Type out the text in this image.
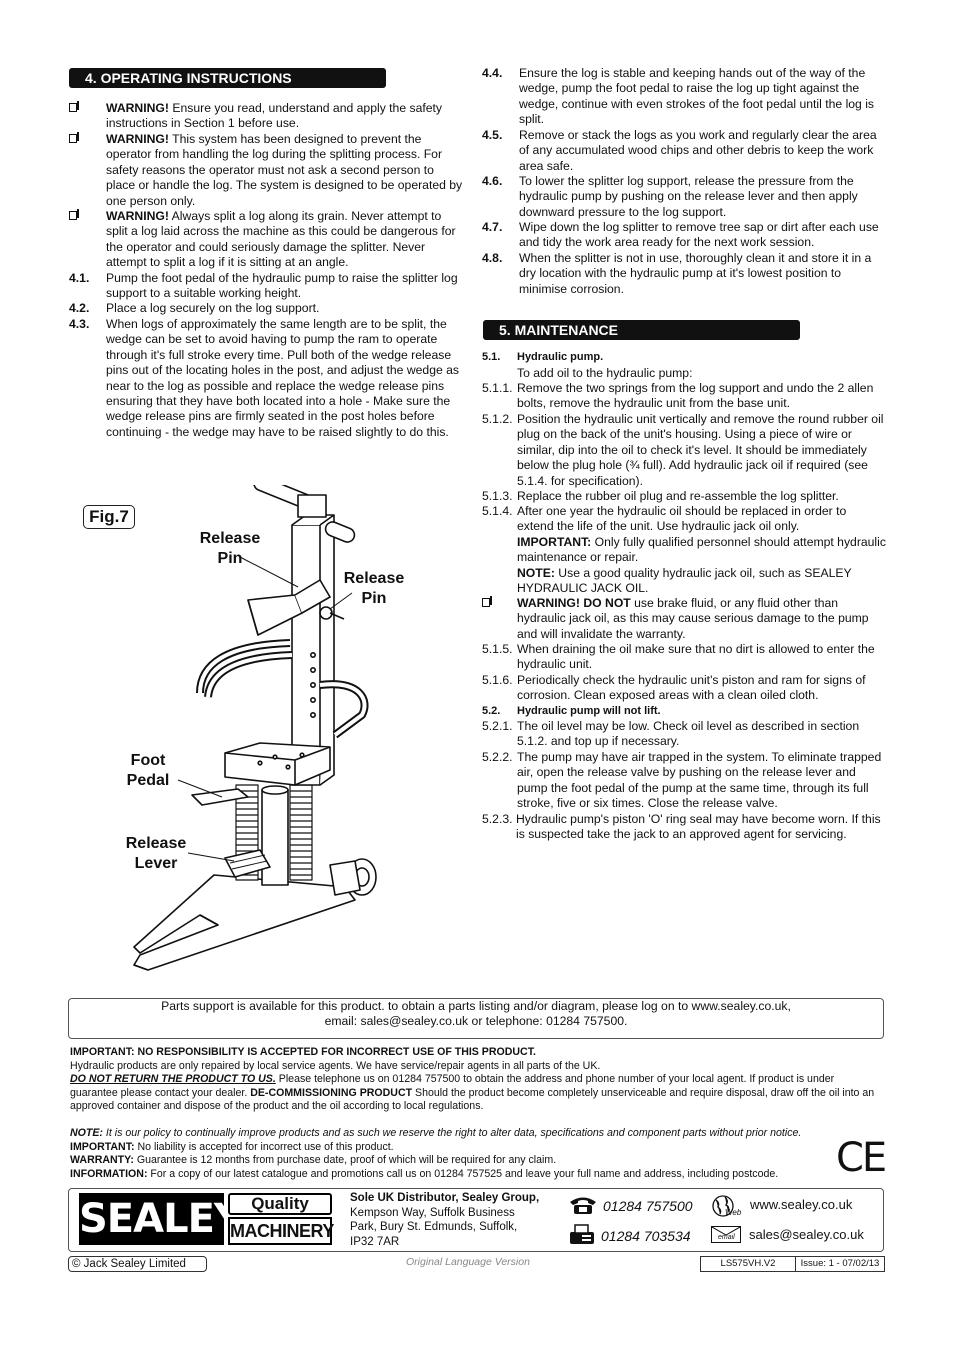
4. OPERATING INSTRUCTIONS
WARNING! Ensure you read, understand and apply the safety instructions in Section 1 before use.
WARNING! This system has been designed to prevent the operator from handling the log during the splitting process. For safety reasons the operator must not ask a second person to place or handle the log. The system is designed to be operated by one person only.
WARNING! Always split a log along its grain. Never attempt to split a log laid across the machine as this could be dangerous for the operator and could seriously damage the splitter. Never attempt to split a log if it is sitting at an angle.
4.1. Pump the foot pedal of the hydraulic pump to raise the splitter log support to a suitable working height.
4.2. Place a log securely on the log support.
4.3. When logs of approximately the same length are to be split, the wedge can be set to avoid having to pump the ram to operate through it's full stroke every time. Pull both of the wedge release pins out of the locating holes in the post, and adjust the wedge as near to the log as possible and replace the wedge release pins ensuring that they have both located into a hole - Make sure the wedge release pins are firmly seated in the post holes before continuing - the wedge may have to be raised slightly to do this.
4.4. Ensure the log is stable and keeping hands out of the way of the wedge, pump the foot pedal to raise the log up tight against the wedge, continue with even strokes of the foot pedal until the log is split.
4.5. Remove or stack the logs as you work and regularly clear the area of any accumulated wood chips and other debris to keep the work area safe.
4.6. To lower the splitter log support, release the pressure from the hydraulic pump by pushing on the release lever and then apply downward pressure to the log support.
4.7. Wipe down the log splitter to remove tree sap or dirt after each use and tidy the work area ready for the next work session.
4.8. When the splitter is not in use, thoroughly clean it and store it in a dry location with the hydraulic pump at it's lowest position to minimise corrosion.
5. MAINTENANCE
5.1. Hydraulic pump.
To add oil to the hydraulic pump:
5.1.1. Remove the two springs from the log support and undo the 2 allen bolts, remove the hydraulic unit from the base unit.
5.1.2. Position the hydraulic unit vertically and remove the round rubber oil plug on the back of the unit's housing. Using a piece of wire or similar, dip into the oil to check it's level. It should be immediately below the plug hole (¾ full). Add hydraulic jack oil if required (see 5.1.4. for specification).
5.1.3. Replace the rubber oil plug and re-assemble the log splitter.
5.1.4. After one year the hydraulic oil should be replaced in order to extend the life of the unit. Use hydraulic jack oil only.
IMPORTANT: Only fully qualified personnel should attempt hydraulic maintenance or repair.
NOTE: Use a good quality hydraulic jack oil, such as SEALEY HYDRAULIC JACK OIL.
WARNING! DO NOT use brake fluid, or any fluid other than hydraulic jack oil, as this may cause serious damage to the pump and will invalidate the warranty.
5.1.5. When draining the oil make sure that no dirt is allowed to enter the hydraulic unit.
5.1.6. Periodically check the hydraulic unit's piston and ram for signs of corrosion. Clean exposed areas with a clean oiled cloth.
5.2. Hydraulic pump will not lift.
5.2.1. The oil level may be low. Check oil level as described in section 5.1.2. and top up if necessary.
5.2.2. The pump may have air trapped in the system. To eliminate trapped air, open the release valve by pushing on the release lever and pump the foot pedal of the pump at the same time, through its full stroke, five or six times. Close the release valve.
5.2.3. Hydraulic pump's piston 'O' ring seal may have become worn. If this is suspected take the jack to an approved agent for servicing.
Fig.7
Release
Pin
Release
Pin
Foot
Pedal
Release
Lever
Parts support is available for this product. to obtain a parts listing and/or diagram, please log on to www.sealey.co.uk,
email: sales@sealey.co.uk or telephone: 01284 757500.
IMPORTANT: NO RESPONSIBILITY IS ACCEPTED FOR INCORRECT USE OF THIS PRODUCT.
Hydraulic products are only repaired by local service agents. We have service/repair agents in all parts of the UK.
DO NOT RETURN THE PRODUCT TO US. Please telephone us on 01284 757500 to obtain the address and phone number of your local agent. If product is under guarantee please contact your dealer. DE-COMMISSIONING PRODUCT Should the product become completely unserviceable and require disposal, draw off the oil into an approved container and dispose of the product and the oil according to local regulations.
NOTE: It is our policy to continually improve products and as such we reserve the right to alter data, specifications and component parts without prior notice.
IMPORTANT: No liability is accepted for incorrect use of this product.
WARRANTY: Guarantee is 12 months from purchase date, proof of which will be required for any claim.
INFORMATION: For a copy of our latest catalogue and promotions call us on 01284 757525 and leave your full name and address, including postcode.	CE
SEALEY Quality
MACHINERY
Sole UK Distributor, Sealey Group,
Kempson Way, Suffolk Business
Park, Bury St. Edmunds, Suffolk,
IP32 7AR
01284 757500
01284 703534
Web
www.sealey.co.uk
email sales@sealey.co.uk
© Jack Sealey Limited	Original Language Version	LS575VH.V2	Issue: 1 - 07/02/13
